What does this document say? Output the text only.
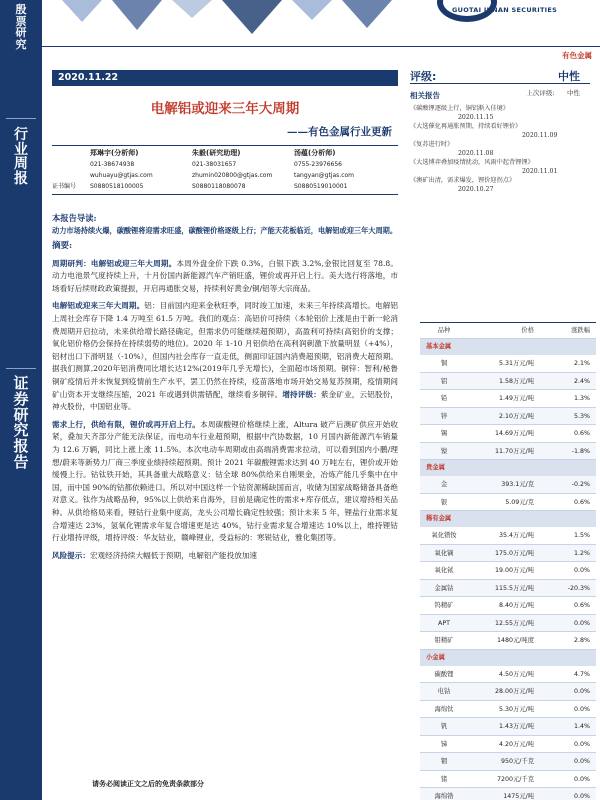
殷
票
研
究
行
业
周
报
证
券
研
究
报
告
GUOTAI JUNAN SECURITIES
有色金属
2020.11.22
电解铝或迎来三年大周期
——有色金属行业更新
郑琳宇(分析师)	朱毅(研究助理)	汤蕴(分析师)
021-38674938	021-38031657	0755-23976656
wuhuayu@gtjas.com	zhumin020800@gtjas.com	tangyan@gtjas.com
证书编号	S0880518100005	S0880118080078	S0880519010001
本报告导读:
动力市场持续火爆，碳酸锂将迎需求旺盛，碳酸锂价格逐级上行；产能天花板临近，电解铝或迎三年大周期。
摘要:
周期研判：电解铝或迎三年大周期。本周外盘金价下跌 0.3%，白银下跌 3.2%,金银比回复至 78.8。动力电池景气度持续上升，十月份国内新能源汽车产销旺盛，锂价或再开启上行。美大选行将落地，市场看好后续财政政策提振，开启再通胀交易，持续利好黄金/铜/铝等大宗商品。
电解铝或迎来三年大周期。铝：目前国内迎来金秋旺季，同时竣工加速，未来三年持续高增长。电解铝上周社会库存下降 1.4 万吨至 61.5 万吨。我们的观点：高铝价可持续（本轮铝价上涨是由于新一轮消费周期开启拉动，未来供给增长路径确定，但需求仍可能继续超预期），高盈利可持续(高铝价的支撑；氧化铝价格仍会保持在持续弱势的地位)。2020 年 1-10 月铝供给在高利润刺激下放量明显（+4%），铝材出口下滑明显（-10%），但国内社会库存一直走低，侧面印证国内消费超预期，铝消费大超预期。据我们测算,2020年铝消费同比增长达12%(2019年几乎无增长)，全面超市场预期。铜锌：智利/秘鲁铜矿疫情后并未恢复到疫情前生产水平，罢工仍然在持续，疫苗落地市场开始交易复苏预期，疫情期间矿山资本开支继续压缩，2021 年或遇到供需错配，继续看多铜锌。增持评级：紫金矿业，云铝股份，神火股份，中国铝业等。
需求上行，供给有限，锂价或再开启上行。本周碳酸锂价格继续上涨，Altura 破产后澳矿供应开始收紧，叠加天齐部分产能无法保证，而电动车行业超预期，根据中汽协数据，10 月国内新能源汽车销量为 12.6 万辆，同比上涨上涨 11.5%。本次电动车周期或由高端消费需求拉动，可以看到国内小鹏/理想/蔚来等新势力厂商三季度业绩持续超预期。预计 2021 年碳酸锂需求达到 40 万吨左右，锂价或开始缓慢上行。钴钛铁开始，其具备重大战略意义：钴全球 80%供给来自刚果金，冶炼产能几乎集中在中国，而中国 90%的钴都依赖进口。所以对中国这样一个钴资源稀缺国而言，收储为国家战略储备具备绝对意义。钛作为战略品种，95%以上供给来自海外，目前是确定性的需求+库存低点，建议增持相关品种。从供给格局来看，锂钴行业集中度高，龙头公司增长确定性较强；预计未来 5 年，锂盐行业需求复合增速达 23%，氢氧化锂需求年复合增速更是达 40%，钴行业需求复合增速达 10%以上，维持锂钴行业增持评级，增持评级：华友钴业，赣峰锂业，受益标的：寒锐钴业，雅化集团等。
风险提示：宏观经济持续大幅低于预期，电解铝产能投放加速
评级:	中性
上次评级: 中性
相关报告
《碳酸锂逐级上行，铜铝渐入佳境》
2020.11.15
《大选催化再通胀预期，持续看好锂价》
2020.11.09
《复苏进行时》
2020.11.08
《大选博弈叠加疫情扰动，风雨中起背锂锂》
2020.11.01
《澳矿出清，需求爆发，锂价迎拐点》
2020.10.27
品种	价格	涨跌幅
基本金属
铜	5.31万元/吨	2.1%
铝	1.58万元/吨	2.4%
铅	1.49万元/吨	1.3%
锌	2.10万元/吨	5.3%
锡	14.69万元/吨	0.6%
镍	11.70万元/吨	-1.8%
贵金属
金	393.1元/克	-0.2%
银	5.09元/克	0.6%
稀有金属
氧化镨钕	35.4万元/吨	1.5%
氧化镝	175.0万元/吨	1.2%
氧化铽	19.00万元/吨	0.0%
金属钴	115.5万元/吨	-20.3%
钨精矿	8.40万元/吨	0.6%
APT	12.55万元/吨	0.0%
钼精矿	1480元/吨度	2.8%
小金属
碳酸锂	4.50万元/吨	4.7%
电钴	28.00万元/吨	0.0%
海绵钛	5.30万元/吨	0.0%
钒	1.43万元/吨	1.4%
锑	4.20万元/吨	0.0%
铟	950元/千克	0.0%
锗	7200元/千克	0.0%
海绵锆	1475元/吨	0.0%
请务必阅读正文之后的免责条款部分
